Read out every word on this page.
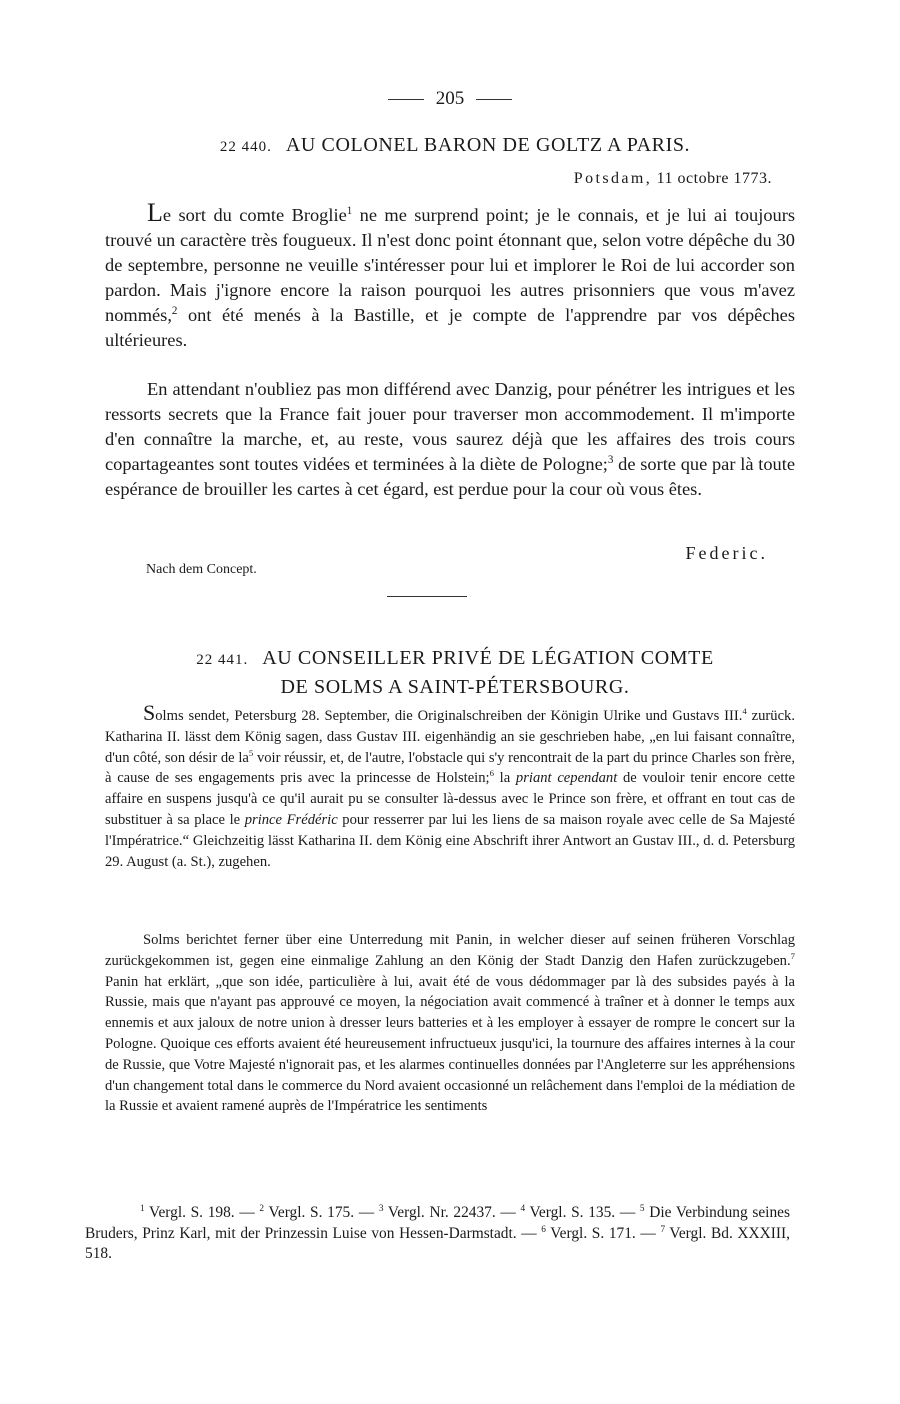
205
22 440. AU COLONEL BARON DE GOLTZ A PARIS.
Potsdam, 11 octobre 1773.

Le sort du comte Broglie$^1$ ne me surprend point; je le connais, et je lui ai toujours trouvé un caractère très fougueux. Il n'est donc point étonnant que, selon votre dépêche du 30 de septembre, personne ne veuille s'intéresser pour lui et implorer le Roi de lui accorder son pardon. Mais j'ignore encore la raison pourquoi les autres prisonniers que vous m'avez nommés,$^2$ ont été menés à la Bastille, et je compte de l'apprendre par vos dépêches ultérieures.

En attendant n'oubliez pas mon différend avec Danzig, pour pénétrer les intrigues et les ressorts secrets que la France fait jouer pour traverser mon accommodement. Il m'importe d'en connaître la marche, et, au reste, vous saurez déjà que les affaires des trois cours copartageantes sont toutes vidées et terminées à la diète de Pologne;$^3$ de sorte que par là toute espérance de brouiller les cartes à cet égard, est perdue pour la cour où vous êtes.

Federic.
Nach dem Concept.
22 441. AU CONSEILLER PRIVÉ DE LÉGATION COMTE
DE SOLMS A SAINT-PÉTERSBOURG.

Solms sendet, Petersburg 28. September, die Originalschreiben der Königin Ulrike und Gustavs III.$^4$ zurück. Katharina II. lässt dem König sagen, dass Gustav III. eigenhändig an sie geschrieben habe, „en lui faisant connaître, d'un côté, son désir de $la^5$ voir réussir, et, de l'autre, l'obstacle qui s'y rencontrait de la part du prince Charles son frère, à cause de ses engagements pris avec la princesse de Holstein;$^6$ la priant cependant de vouloir tenir encore cette affaire en suspens jusqu'à ce qu'il aurait pu se consulter là-dessus avec le Prince son frère, et offrant en tout cas de substituer à sa place le prince Frédéric pour resserrer par lui les liens de sa maison royale avec celle de Sa Majesté l'Impératrice.“ Gleichzeitig lässt Katharina II. dem König eine Abschrift ihrer Antwort an Gustav III., d. d. Petersburg 29. August (a. St.), zugehen.

Solms berichtet ferner über eine Unterredung mit Panin, in welcher dieser auf seinen früheren Vorschlag zurückgekommen ist, gegen eine einmalige Zahlung an den König der Stadt Danzig den Hafen zurückzugeben.$^7$ Panin hat erklärt, „que son idée, particulière à lui, avait été de vous dédommager par là des subsides payés à la Russie, mais que n'ayant pas approuvé ce moyen, la négociation avait commencé à traîner et à donner le temps aux ennemis et aux jaloux de notre union à dresser leurs batteries et à les employer à essayer de rompre le concert sur la Pologne. Quoique ces efforts avaient été heureusement infructueux jusqu'ici, la tournure des affaires internes à la cour de Russie, que Votre Majesté n'ignorait pas, et les alarmes continuelles données par l'Angleterre sur les appréhensions d'un changement total dans le commerce du Nord avaient occasionné un relâchement dans l'emploi de la médiation de la Russie et avaient ramené auprès de l'Impératrice les sentiments

$^1$ Vergl. S. 198. — $^2$ Vergl. S. 175. — $^3$ Vergl. Nr. 22437. — $^4$ Vergl. S. 135. — $^5$ Die Verbindung seines Bruders, Prinz Karl, mit der Prinzessin Luise von Hessen-Darmstadt. — $^6$ Vergl. S. 171. — $^7$ Vergl. Bd. XXXIII, 518.
